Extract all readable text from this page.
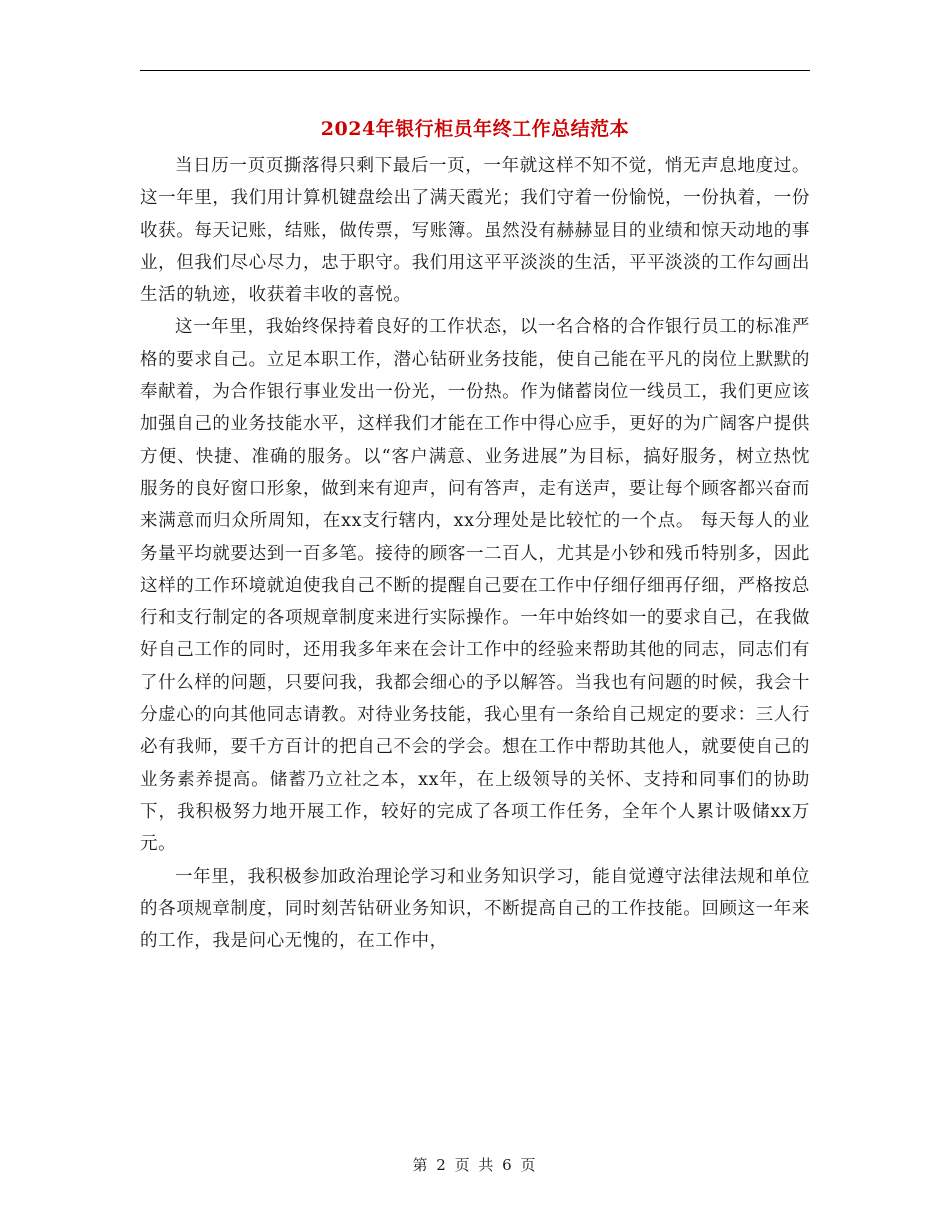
2024年银行柜员年终工作总结范本

当日历一页页撕落得只剩下最后一页，一年就这样不知不觉，悄无声息地度过。这一年里，我们用计算机键盘绘出了满天霞光；我们守着一份愉悦，一份执着，一份收获。每天记账，结账，做传票，写账簿。虽然没有赫赫显目的业绩和惊天动地的事业，但我们尽心尽力，忠于职守。我们用这平平淡淡的生活，平平淡淡的工作勾画出生活的轨迹，收获着丰收的喜悦。

这一年里，我始终保持着良好的工作状态，以一名合格的合作银行员工的标准严格的要求自己。立足本职工作，潜心钻研业务技能，使自己能在平凡的岗位上默默的奉献着，为合作银行事业发出一份光，一份热。作为储蓄岗位一线员工，我们更应该加强自己的业务技能水平，这样我们才能在工作中得心应手，更好的为广阔客户提供方便、快捷、准确的服务。以“客户满意、业务进展”为目标，搞好服务，树立热忱服务的良好窗口形象，做到来有迎声，问有答声，走有送声，要让每个顾客都兴奋而来满意而归众所周知，在xx支行辖内，xx分理处是比较忙的一个点。 每天每人的业务量平均就要达到一百多笔。接待的顾客一二百人，尤其是小钞和残币特别多，因此这样的工作环境就迫使我自己不断的提醒自己要在工作中仔细仔细再仔细，严格按总行和支行制定的各项规章制度来进行实际操作。一年中始终如一的要求自己，在我做好自己工作的同时，还用我多年来在会计工作中的经验来帮助其他的同志，同志们有了什么样的问题，只要问我，我都会细心的予以解答。当我也有问题的时候，我会十分虚心的向其他同志请教。对待业务技能，我心里有一条给自己规定的要求：三人行必有我师，要千方百计的把自己不会的学会。想在工作中帮助其他人，就要使自己的业务素养提高。储蓄乃立社之本，xx年，在上级领导的关怀、支持和同事们的协助下，我积极努力地开展工作，较好的完成了各项工作任务，全年个人累计吸储xx万元。

一年里，我积极参加政治理论学习和业务知识学习，能自觉遵守法律法规和单位的各项规章制度，同时刻苦钻研业务知识，不断提高自己的工作技能。回顾这一年来的工作，我是问心无愧的，在工作中，

第 2 页 共 6 页
